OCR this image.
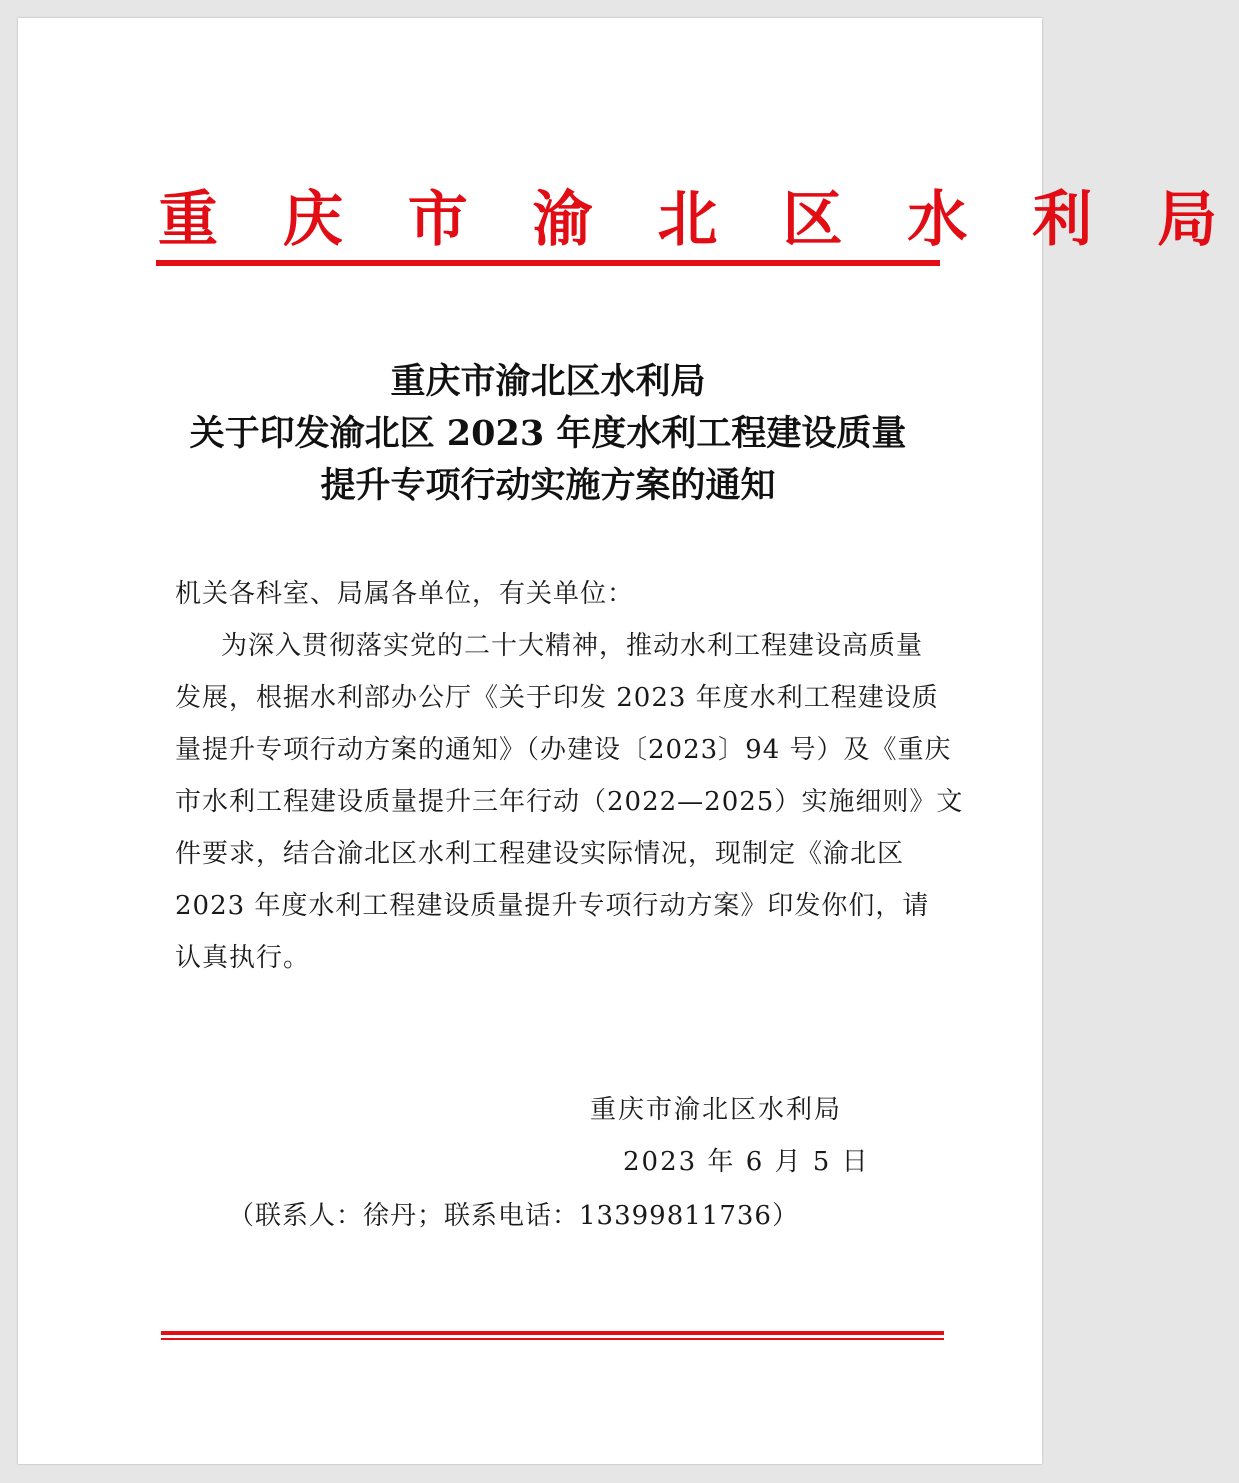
重 庆 市 渝 北 区 水 利 局
重庆市渝北区水利局
关于印发渝北区 2023 年度水利工程建设质量
提升专项行动实施方案的通知
机关各科室、局属各单位，有关单位：
为深入贯彻落实党的二十大精神，推动水利工程建设高质量
发展，根据水利部办公厅《关于印发 2023 年度水利工程建设质
量提升专项行动方案的通知》（办建设〔2023〕94 号）及《重庆
市水利工程建设质量提升三年行动（2022—2025）实施细则》文
件要求，结合渝北区水利工程建设实际情况，现制定《渝北区
2023 年度水利工程建设质量提升专项行动方案》印发你们，请
认真执行。
重庆市渝北区水利局
2023 年 6 月 5 日
（联系人：徐丹；联系电话：13399811736）
